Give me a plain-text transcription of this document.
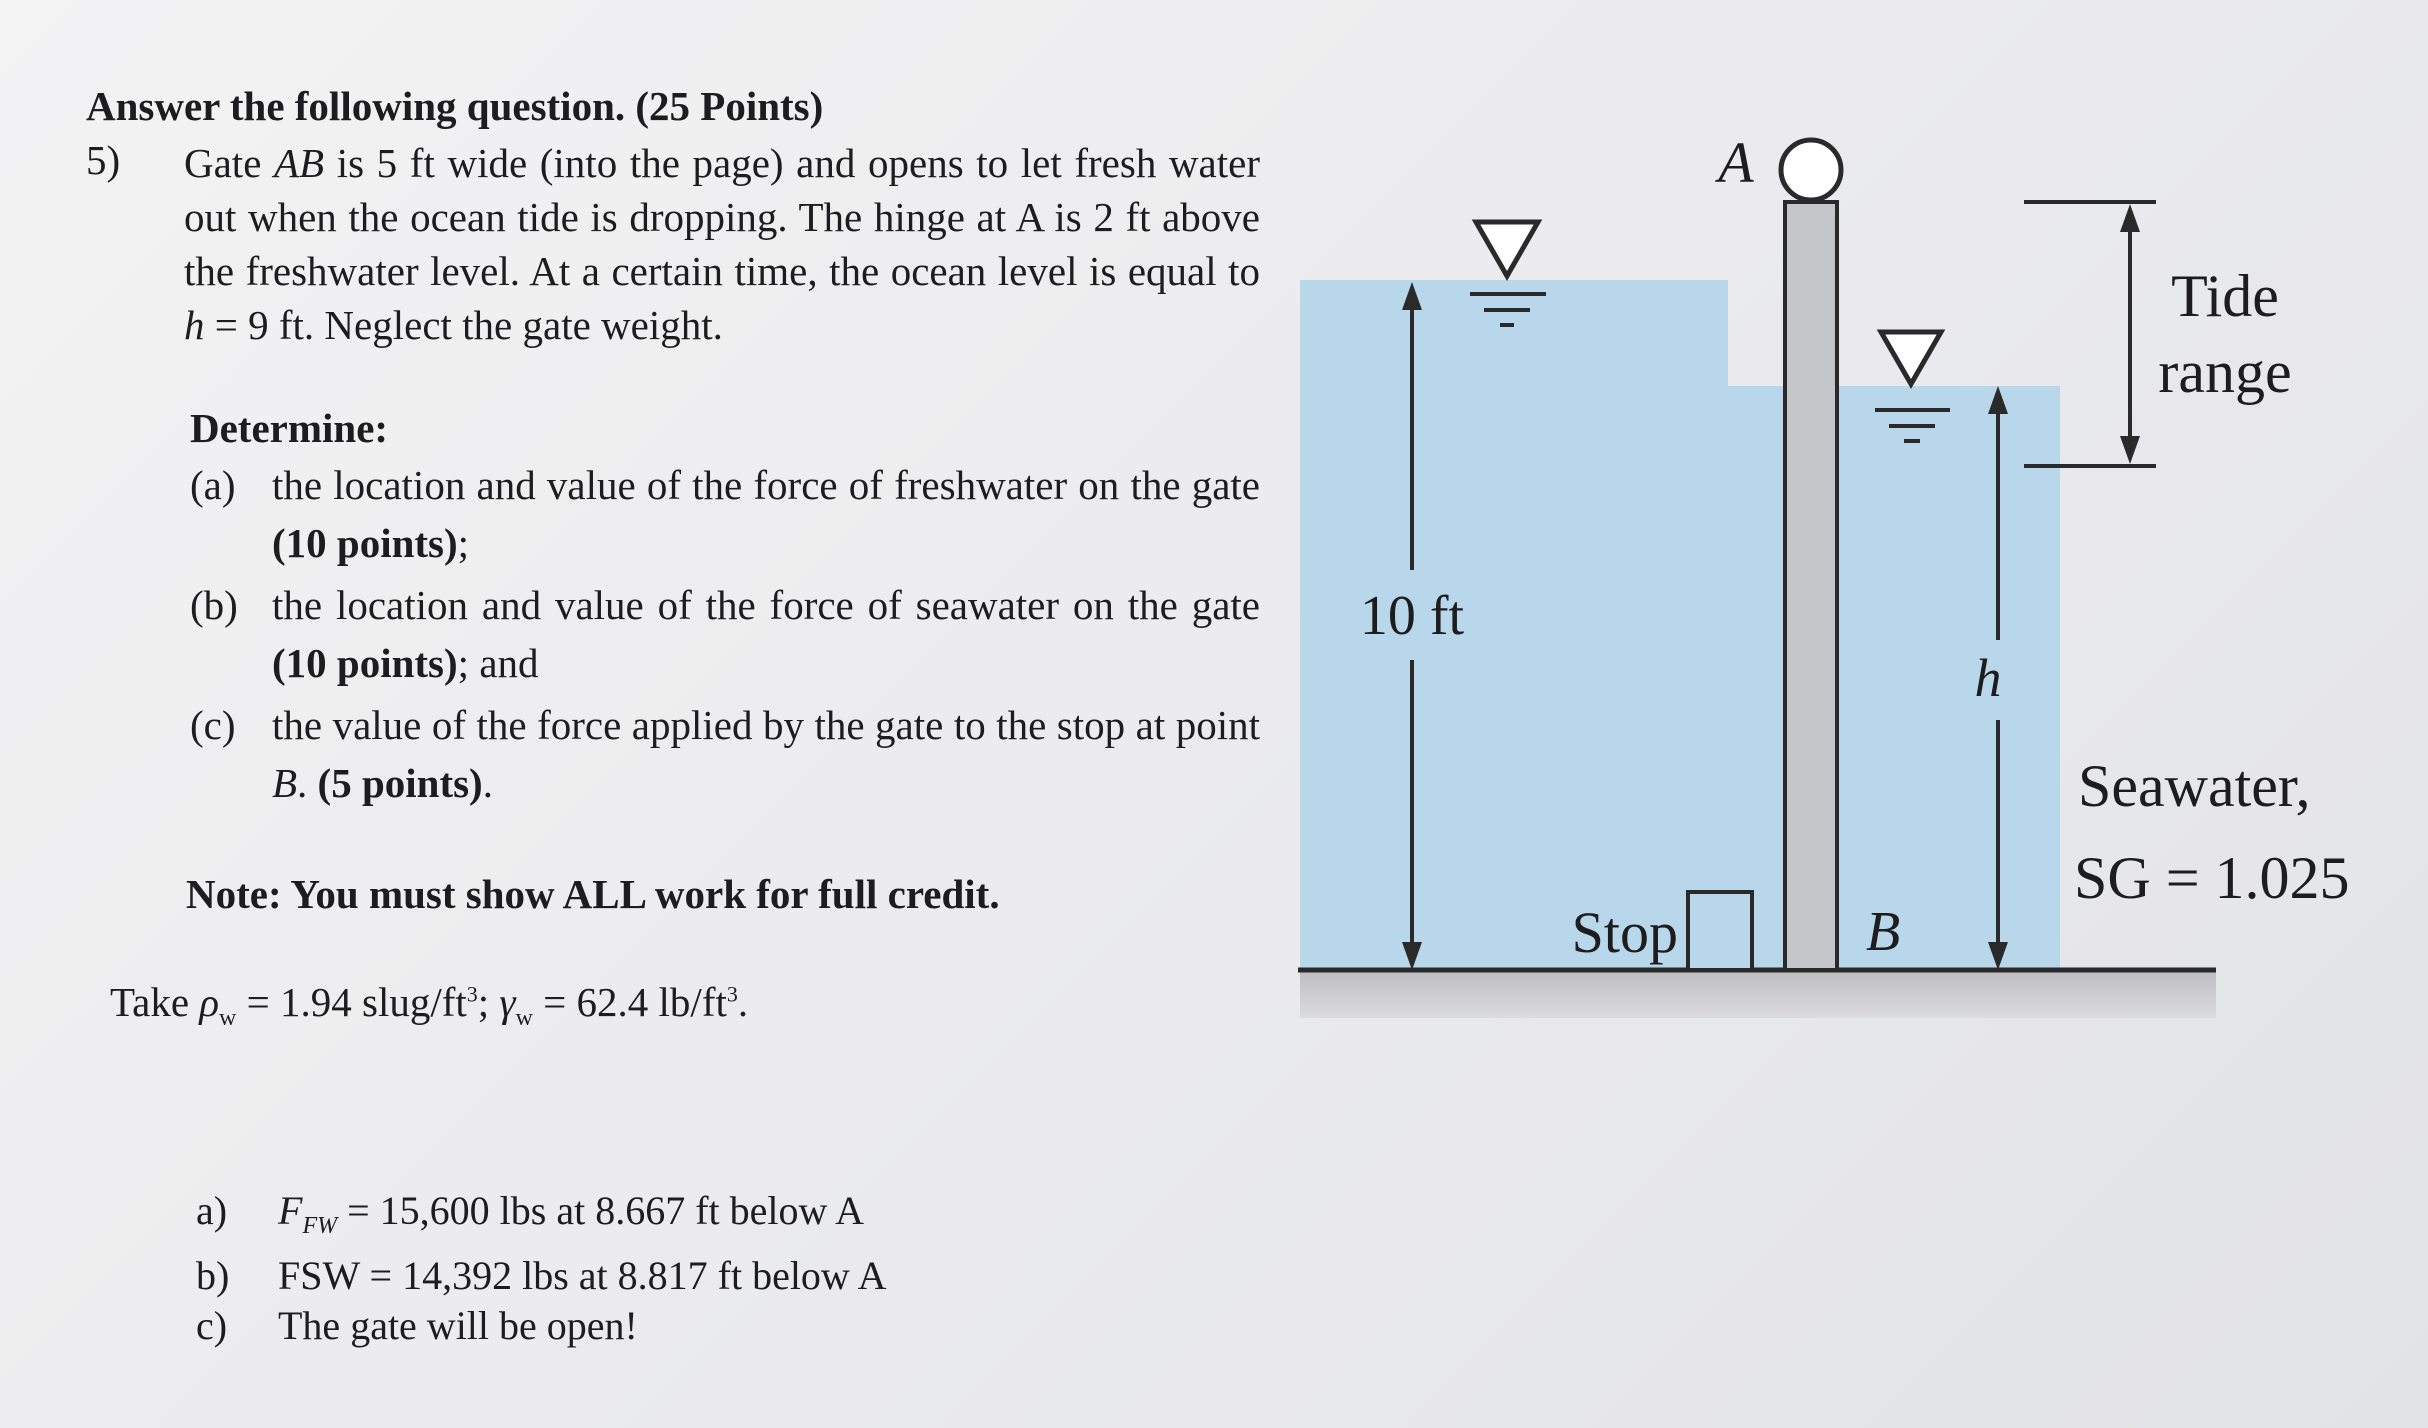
Answer the following question. (25 Points)
5) Gate AB is 5 ft wide (into the page) and opens to let fresh water out when the ocean tide is dropping. The hinge at A is 2 ft above the freshwater level. At a certain time, the ocean level is equal to h = 9 ft. Neglect the gate weight.
Determine:
(a) the location and value of the force of freshwater on the gate (10 points);
(b) the location and value of the force of seawater on the gate (10 points); and
(c) the value of the force applied by the gate to the stop at point B. (5 points).
Note: You must show ALL work for full credit.
Take $\rho_w = 1.94$ slug/$ft^3$; $\gamma_w = 62.4$ $lb/ft^3$.
a) $F_{FW} = 15,600$ lbs at 8.667 ft below A
b) FSW = 14,392 lbs at 8.817 ft below A
c) The gate will be open!
10 ft
h
Tide
range
A
B
Stop
Seawater,
SG = 1.025
